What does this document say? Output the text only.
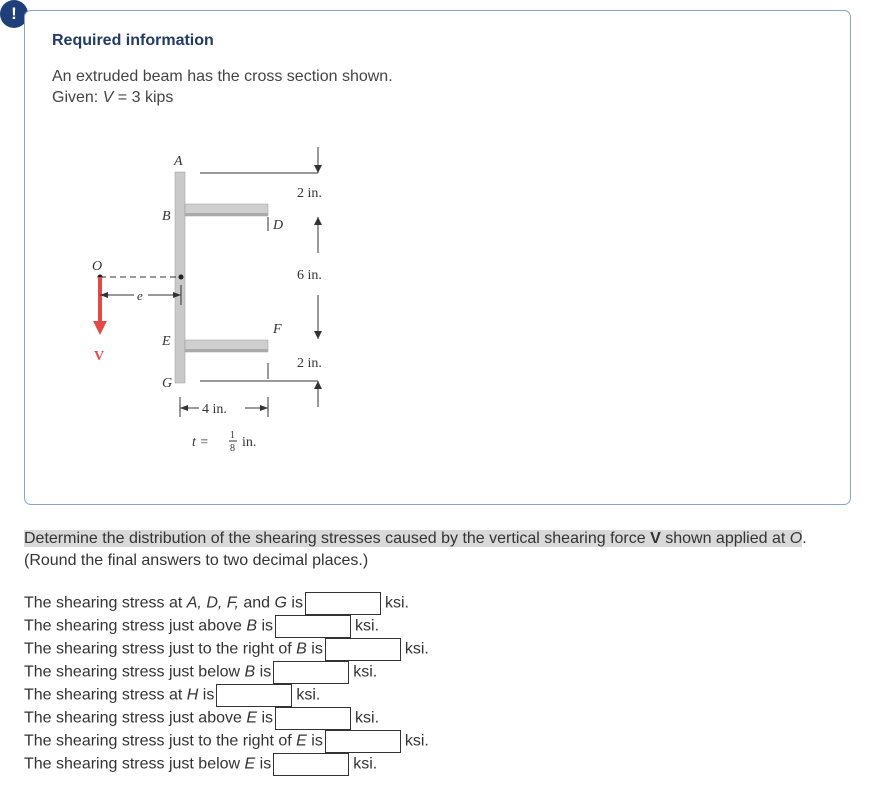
!
Required information
An extruded beam has the cross section shown.
Given: V = 3 kips
A
B
D
O
e
E
F
V
G
2 in.
6 in.
2 in.
4 in.
t = 1
8 in.
Determine the distribution of the shearing stresses caused by the vertical shearing force V shown applied at O. (Round the final answers to two decimal places.)
The shearing stress at A, D, F, and G is	ksi.
The shearing stress just above B is	ksi.
The shearing stress just to the right of B is	ksi.
The shearing stress just below B is	ksi.
The shearing stress at H is	ksi.
The shearing stress just above E is	ksi.
The shearing stress just to the right of E is	ksi.
The shearing stress just below E is	ksi.
